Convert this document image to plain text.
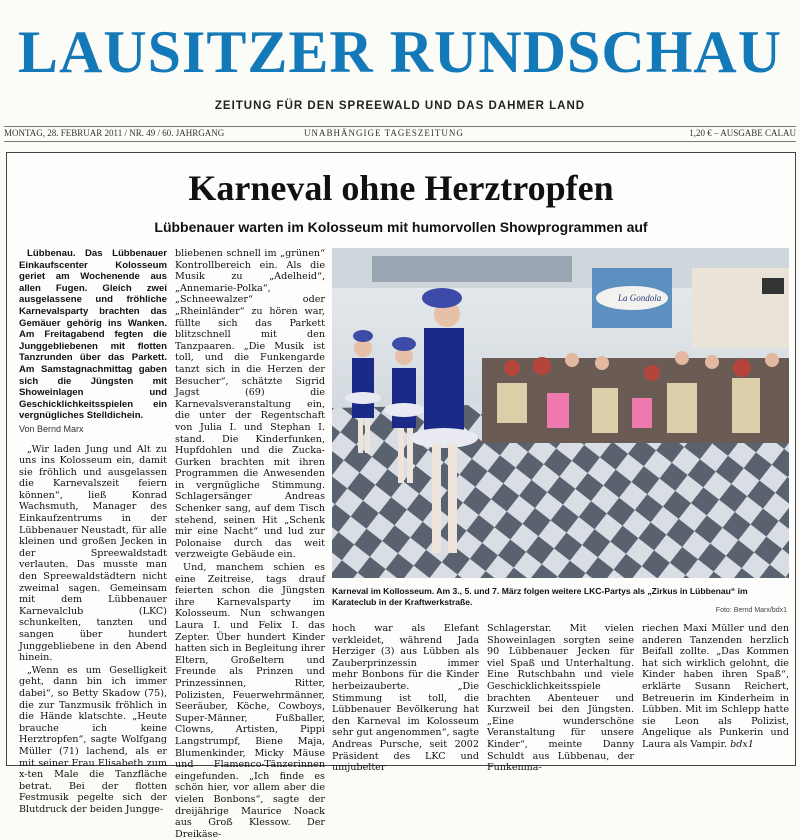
LAUSITZER RUNDSCHAU
ZEITUNG FÜR DEN SPREEWALD UND DAS DAHMER LAND
MONTAG, 28. FEBRUAR 2011 / NR. 49 / 60. JAHRGANG	UNABHÄNGIGE TAGESZEITUNG	1,20 € – AUSGABE CALAU
Karneval ohne Herztropfen
Lübbenauer warten im Kolosseum mit humorvollen Showprogrammen auf

Lübbenau. Das Lübbenauer Einkaufscenter Kolosseum geriet am Wochenende aus allen Fugen. Gleich zwei ausgelassene und fröhliche Karnevalsparty brachten das Gemäuer gehörig ins Wanken. Am Freitagabend fegten die Junggebliebenen mit flotten Tanzrunden über das Parkett. Am Samstagnachmittag gaben sich die Jüngsten mit Showeinlagen und Geschicklichkeitsspielen ein vergnügliches Stelldichein.

Von Bernd Marx

„Wir laden Jung und Alt zu uns ins Kolosseum ein, damit sie fröhlich und ausgelassen die Karnevalszeit feiern können“, ließ Konrad Wachsmuth, Manager des Einkaufzentrums in der Lübbenauer Neustadt, für alle kleinen und großen Jecken in der Spreewaldstadt verlauten. Das musste man den Spreewaldstädtern nicht zweimal sagen. Gemeinsam mit dem Lübbenauer Karnevalclub (LKC) schunkelten, tanzten und sangen über hundert Junggebliebene in den Abend hinein.

„Wenn es um Geselligkeit geht, dann bin ich immer dabei“, so Betty Skadow (75), die zur Tanzmusik fröhlich in die Hände klatschte. „Heute brauche ich keine Herztropfen“, sagte Wolfgang Müller (71) lachend, als er mit seiner Frau Elisabeth zum x-ten Male die Tanzfläche betrat. Bei der flotten Festmusik pegelte sich der Blutdruck der beiden Jungge-

bliebenen schnell im „grünen“ Kontrollbereich ein. Als die Musik zu „Adelheid“, „Annemarie-Polka“, „Schneewalzer“ oder „Rheinländer“ zu hören war, füllte sich das Parkett blitzschnell mit den Tanzpaaren. „Die Musik ist toll, und die Funkengarde tanzt sich in die Herzen der Besucher“, schätzte Sigrid Jagst (69) die Karnevalsveranstaltung ein, die unter der Regentschaft von Julia I. und Stephan I. stand. Die Kinderfunken, Hupfdohlen und die Zucka-Gurken brachten mit ihren Programmen die Anwesenden in vergnügliche Stimmung. Schlagersänger Andreas Schenker sang, auf dem Tisch stehend, seinen Hit „Schenk mir eine Nacht“ und lud zur Polonaise durch das weit verzweigte Gebäude ein.

Und, manchem schien es eine Zeitreise, tags drauf feierten schon die Jüngsten ihre Karnevalsparty im Kolosseum. Nun schwangen Laura I. und Felix I. das Zepter. Über hundert Kinder hatten sich in Begleitung ihrer Eltern, Großeltern und Freunde als Prinzen und Prinzessinnen, Ritter, Polizisten, Feuerwehrmänner, Seeräuber, Köche, Cowboys, Super-Männer, Fußballer, Clowns, Artisten, Pippi Langstrumpf, Biene Maja, Blumenkinder, Micky Mäuse und Flamenco-Tänzerinnen eingefunden. „Ich finde es schön hier, vor allem aber die vielen Bonbons“, sagte der dreijährige Maurice Noack aus Groß Klessow. Der Dreikäse-

La Gondola
Karneval im Kollosseum. Am 3., 5. und 7. März folgen weitere LKC-Partys als „Zirkus in Lübbenau“ im Karateclub in der Kraftwerkstraße.
Foto: Bernd Marx/bdx1

hoch war als Elefant verkleidet, während Jada Herziger (3) aus Lübben als Zauberprinzessin immer mehr Bonbons für die Kinder herbeizauberte. „Die Stimmung ist toll, die Lübbenauer Bevölkerung hat den Karneval im Kolosseum sehr gut angenommen“, sagte Andreas Pursche, seit 2002 Präsident des LKC und umjubelter

Schlagerstar. Mit vielen Showeinlagen sorgten seine 90 Lübbenauer Jecken für viel Spaß und Unterhaltung. Eine Rutschbahn und viele Geschicklichkeitsspiele brachten Abenteuer und Kurzweil bei den Jüngsten. „Eine wunderschöne Veranstaltung für unsere Kinder“, meinte Danny Schuldt aus Lübbenau, der Funkenma-

riechen Maxi Müller und den anderen Tanzenden herzlich Beifall zollte. „Das Kommen hat sich wirklich gelohnt, die Kinder haben ihren Spaß“, erklärte Susann Reichert, Betreuerin im Kinderheim in Lübben. Mit im Schlepp hatte sie Leon als Polizist, Angelique als Punkerin und Laura als Vampir. bdx1
